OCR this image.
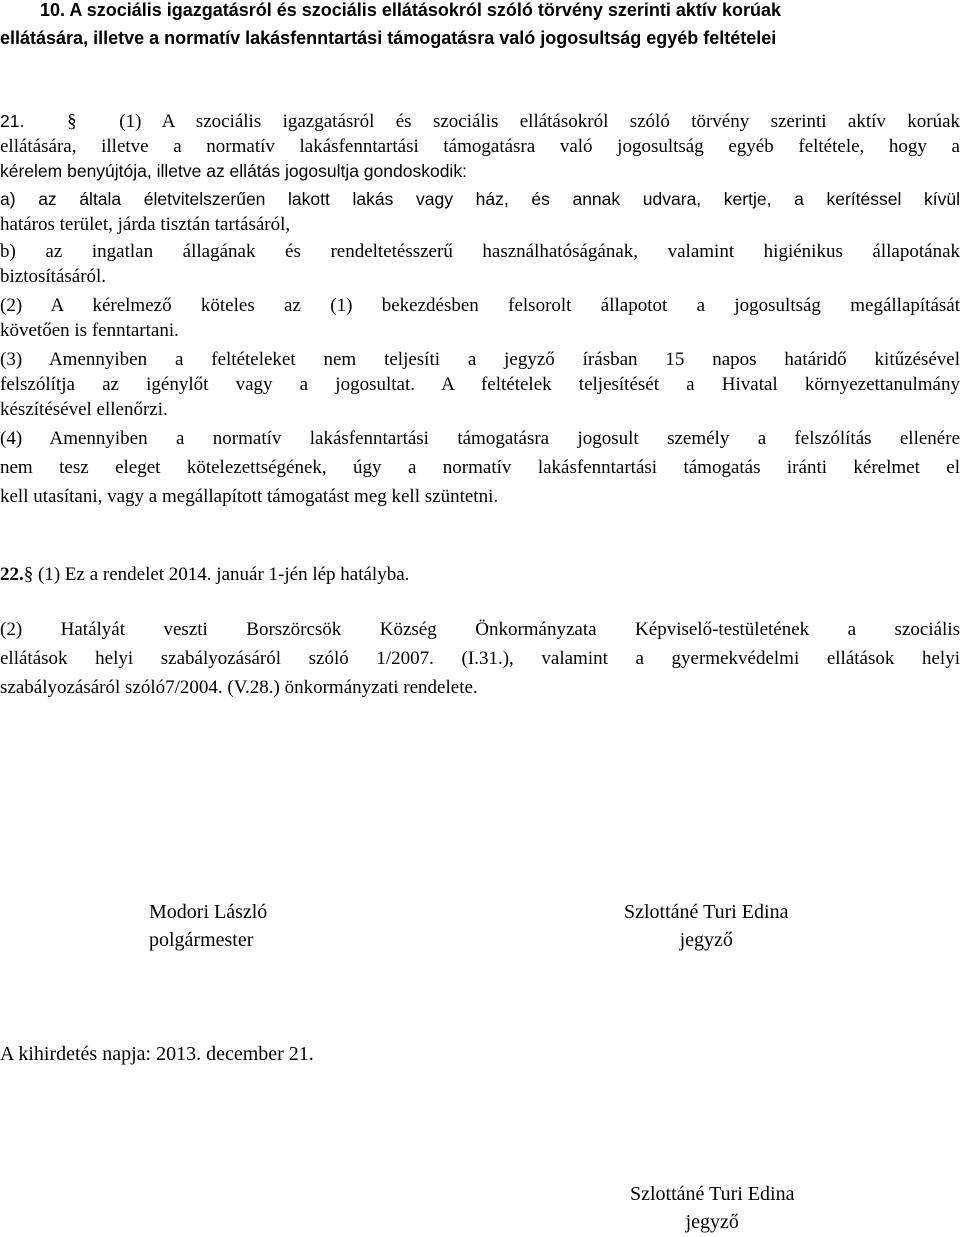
10. A szociális igazgatásról és szociális ellátásokról szóló törvény szerinti aktív korúak
ellátására, illetve a normatív lakásfenntartási támogatásra való jogosultság egyéb feltételei
21. § (1) A szociális igazgatásról és szociális ellátásokról szóló törvény szerinti aktív korúak
ellátására, illetve a normatív lakásfenntartási támogatásra való jogosultság egyéb feltétele, hogy a
kérelem benyújtója, illetve az ellátás jogosultja gondoskodik:
a) az általa életvitelszerűen lakott lakás vagy ház, és annak udvara, kertje, a kerítéssel kívül
határos terület, járda tisztán tartásáról,
b) az ingatlan állagának és rendeltetésszerű használhatóságának, valamint higiénikus állapotának
biztosításáról.
(2) A kérelmező köteles az (1) bekezdésben felsorolt állapotot a jogosultság megállapítását
követően is fenntartani.
(3) Amennyiben a feltételeket nem teljesíti a jegyző írásban 15 napos határidő kitűzésével
felszólítja az igénylőt vagy a jogosultat. A feltételek teljesítését a Hivatal környezettanulmány
készítésével ellenőrzi.
(4) Amennyiben a normatív lakásfenntartási támogatásra jogosult személy a felszólítás ellenére
nem tesz eleget kötelezettségének, úgy a normatív lakásfenntartási támogatás iránti kérelmet el
kell utasítani, vagy a megállapított támogatást meg kell szüntetni.
22.§ (1) Ez a rendelet 2014. január 1-jén lép hatályba.
(2) Hatályát veszti Borszörcsök Község Önkormányzata Képviselő-testületének a szociális
ellátások helyi szabályozásáról szóló 1/2007. (I.31.), valamint a gyermekvédelmi ellátások helyi
szabályozásáról szóló7/2004. (V.28.) önkormányzati rendelete.
Modori László
polgármester
Szlottáné Turi Edina
jegyző
A kihirdetés napja: 2013. december 21.
Szlottáné Turi Edina
jegyző
